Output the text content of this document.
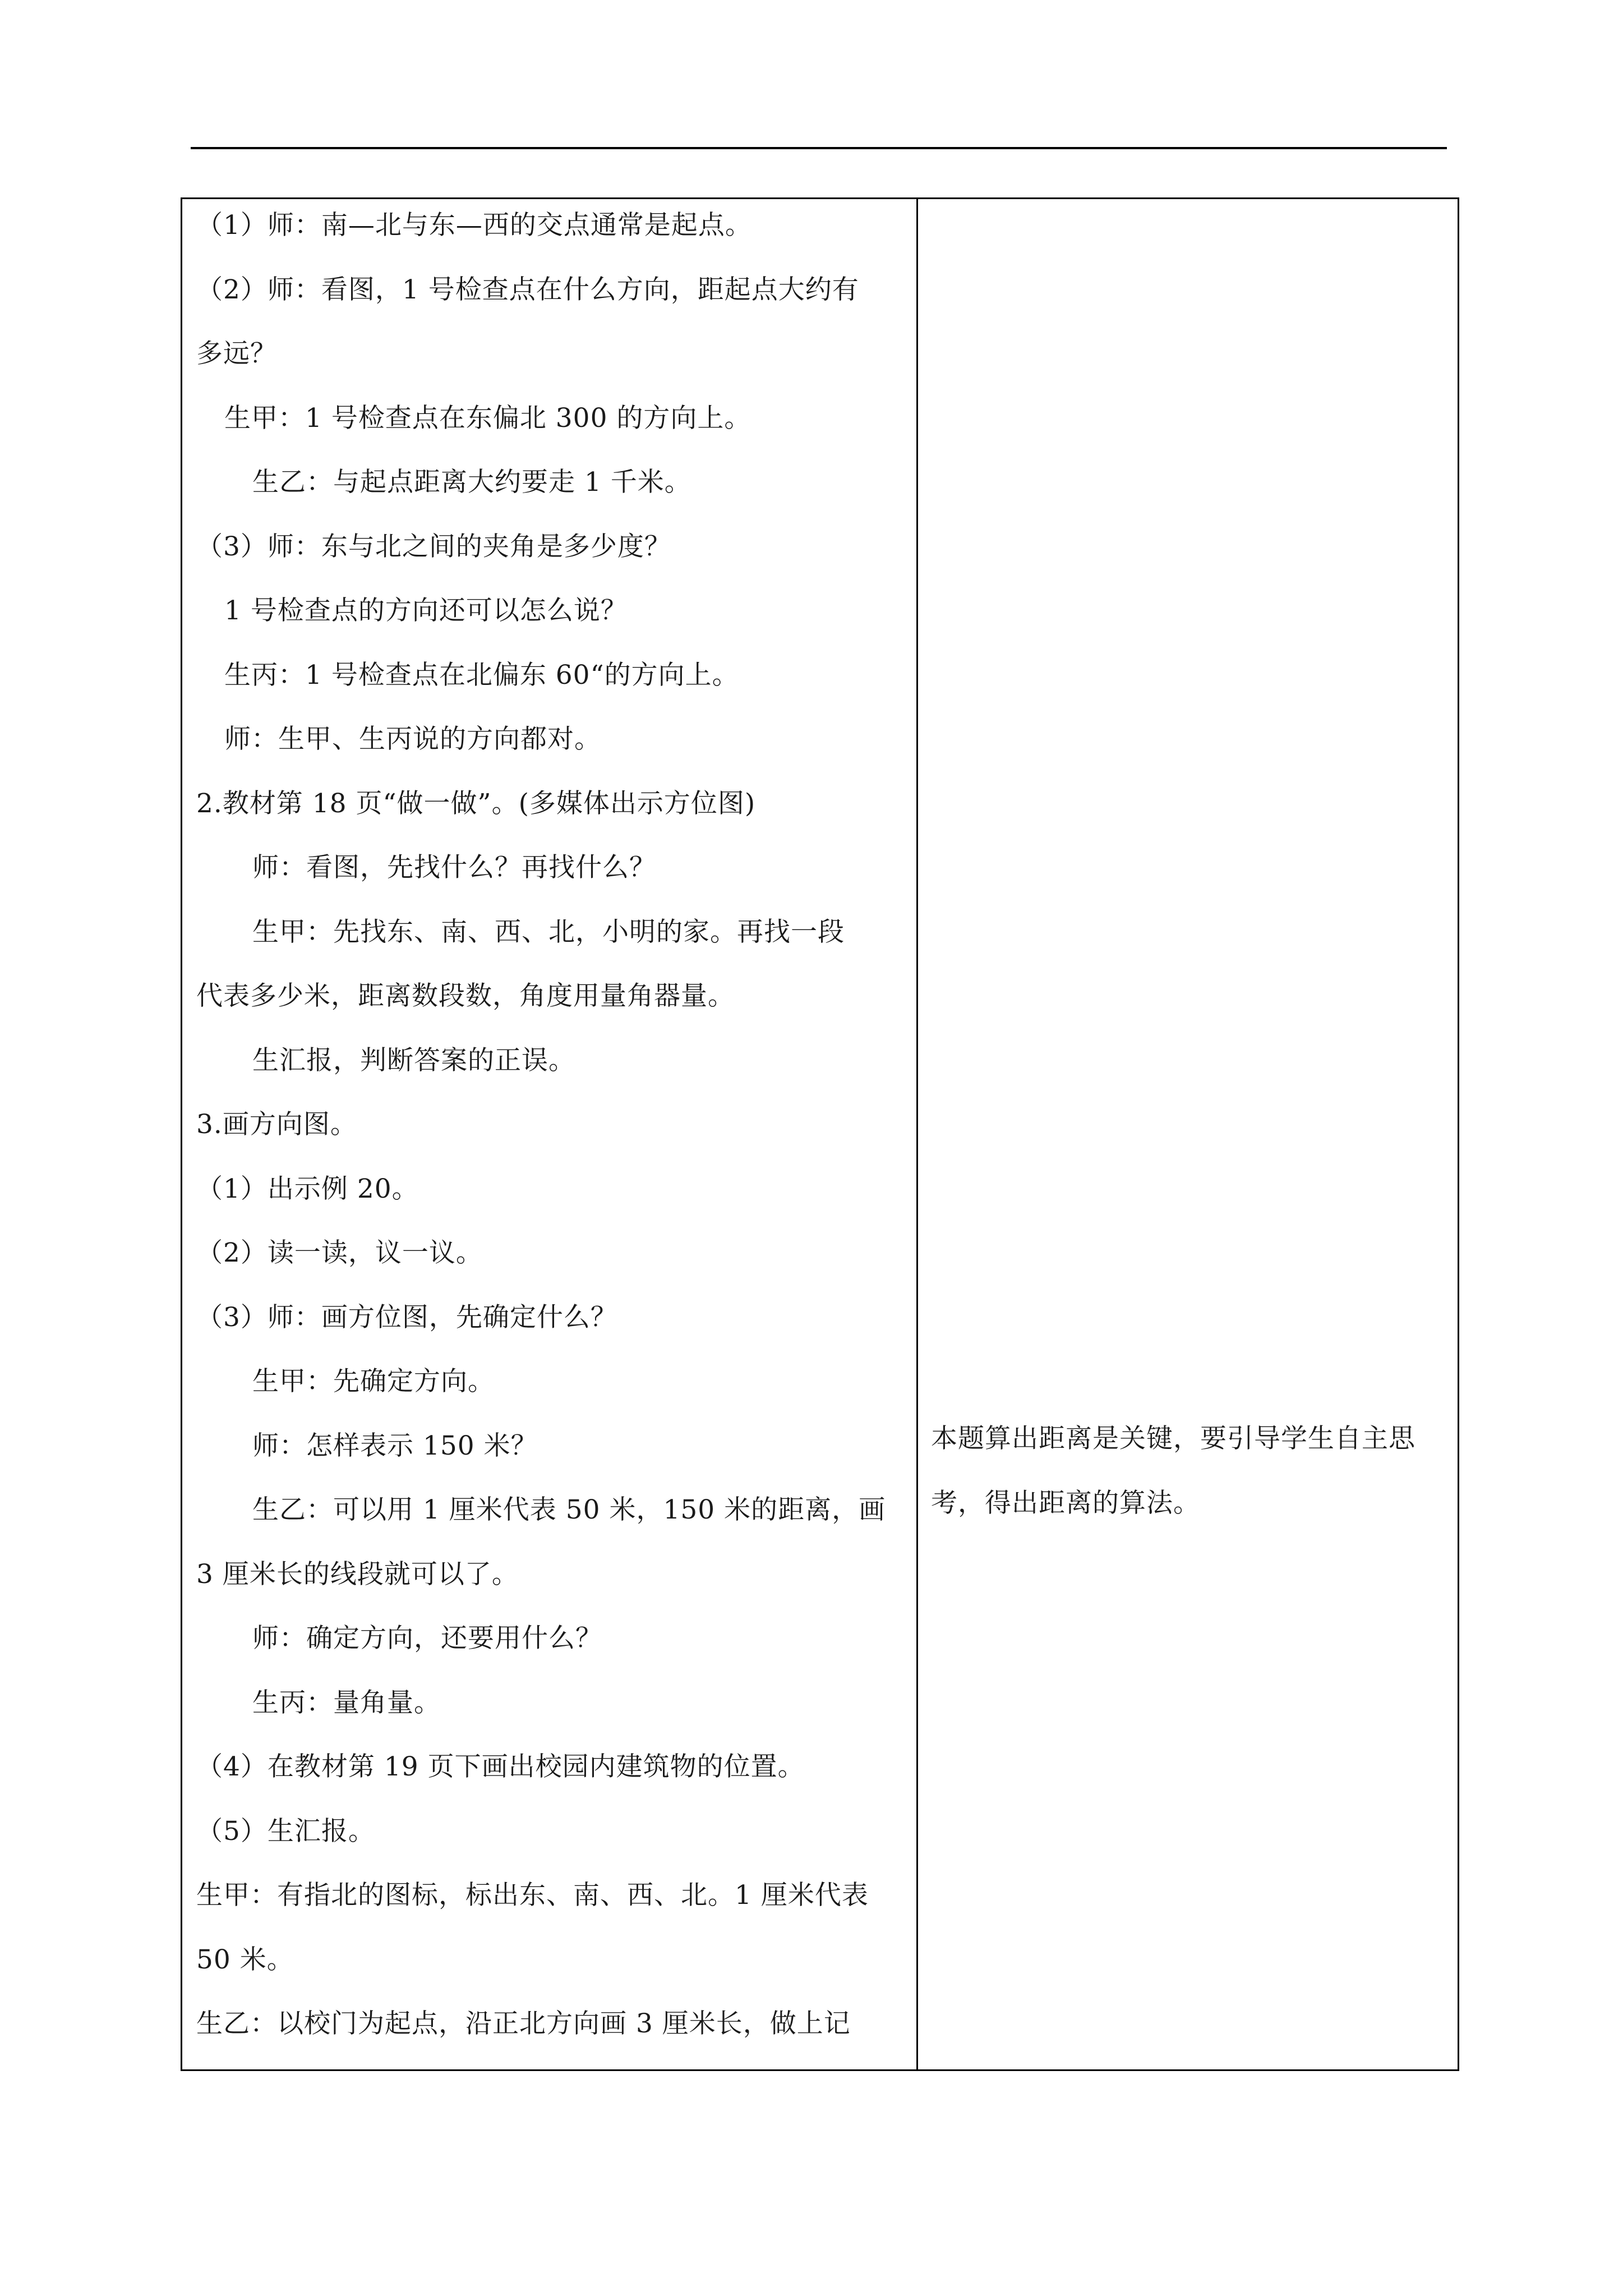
（1）师：南—北与东—西的交点通常是起点。
（2）师：看图，1 号检查点在什么方向，距起点大约有
多远？
生甲：1 号检查点在东偏北 300 的方向上。
生乙：与起点距离大约要走 1 千米。
（3）师：东与北之间的夹角是多少度？
1 号检查点的方向还可以怎么说？
生丙：1 号检查点在北偏东 60“的方向上。
师：生甲、生丙说的方向都对。
2.教材第 18 页“做一做”。(多媒体出示方位图)
师：看图，先找什么？再找什么？
生甲：先找东、南、西、北，小明的家。再找一段
代表多少米，距离数段数，角度用量角器量。
生汇报，判断答案的正误。
3.画方向图。
（1）出示例 20。
（2）读一读，议一议。
（3）师：画方位图，先确定什么？
生甲：先确定方向。
师：怎样表示 150 米？
生乙：可以用 1 厘米代表 50 米，150 米的距离，画
3 厘米长的线段就可以了。
师：确定方向，还要用什么？
生丙：量角量。
（4）在教材第 19 页下画出校园内建筑物的位置。
（5）生汇报。
生甲：有指北的图标，标出东、南、西、北。1 厘米代表
50 米。
生乙：以校门为起点，沿正北方向画 3 厘米长，做上记
本题算出距离是关键，要引导学生自主思
考，得出距离的算法。
